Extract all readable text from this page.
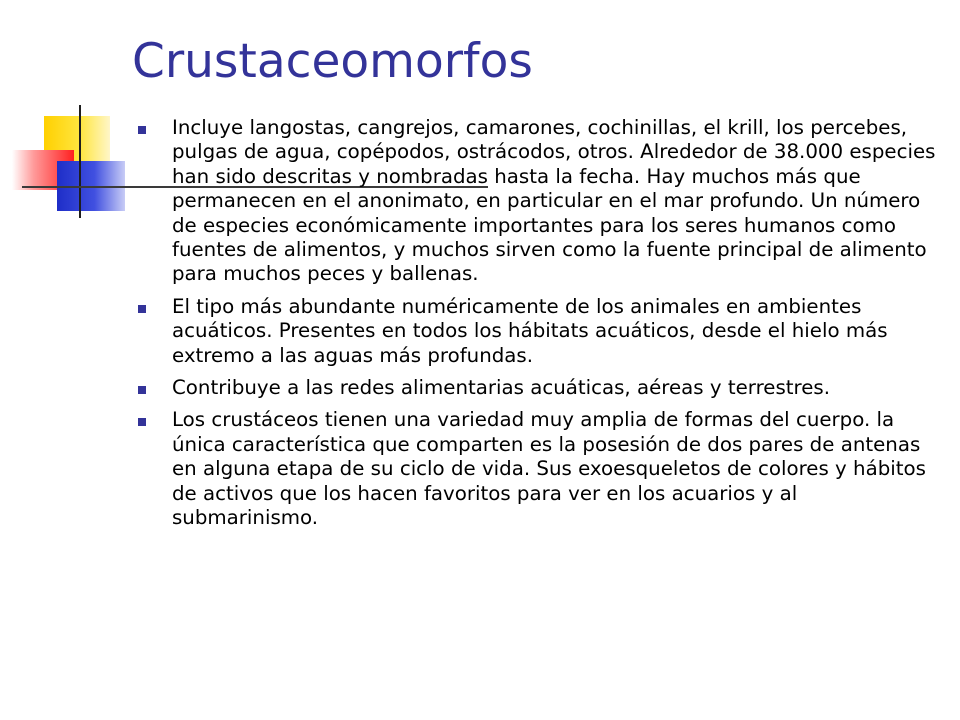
Crustaceomorfos
Incluye langostas, cangrejos, camarones, cochinillas, el krill, los percebes, pulgas de agua, copépodos, ostrácodos, otros. Alrededor de 38.000 especies han sido descritas y nombradas hasta la fecha. Hay muchos más que permanecen en el anonimato, en particular en el mar profundo. Un número de especies económicamente importantes para los seres humanos como fuentes de alimentos, y muchos sirven como la fuente principal de alimento para muchos peces y ballenas.
El tipo más abundante numéricamente de los animales en ambientes acuáticos. Presentes en todos los hábitats acuáticos, desde el hielo más extremo a las aguas más profundas.
Contribuye a las redes alimentarias acuáticas, aéreas y terrestres.
Los crustáceos tienen una variedad muy amplia de formas del cuerpo. la única característica que comparten es la posesión de dos pares de antenas en alguna etapa de su ciclo de vida. Sus exoesqueletos de colores y hábitos de activos que los hacen favoritos para ver en los acuarios y al submarinismo.
